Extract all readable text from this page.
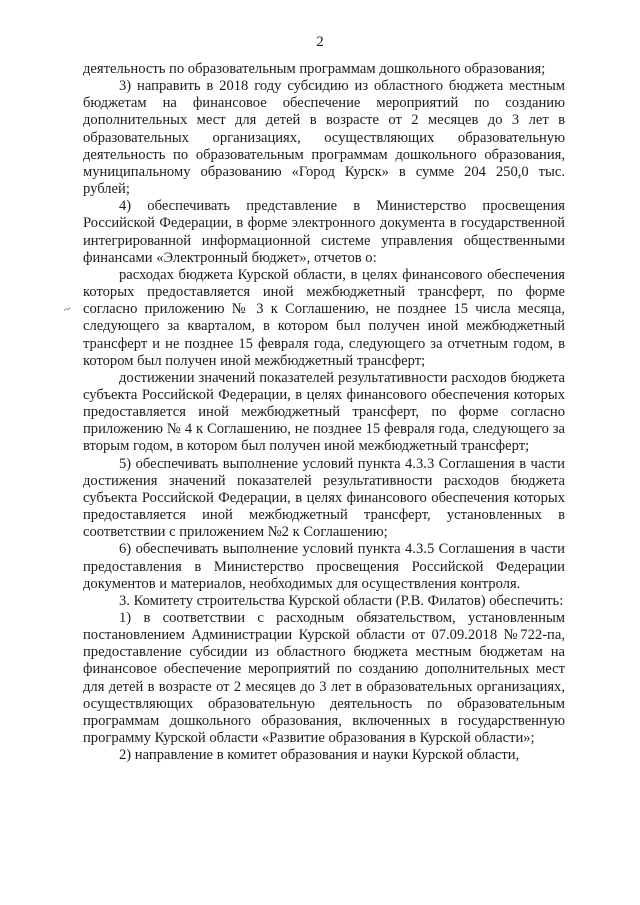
2
~

деятельность по образовательным программам дошкольного образования;

3) направить в 2018 году субсидию из областного бюджета местным бюджетам на финансовое обеспечение мероприятий по созданию дополнительных мест для детей в возрасте от 2 месяцев до 3 лет в образовательных организациях, осуществляющих образовательную деятельность по образовательным программам дошкольного образования, муниципальному образованию «Город Курск» в сумме 204 250,0 тыс. рублей;

4) обеспечивать представление в Министерство просвещения Российской Федерации, в форме электронного документа в государственной интегрированной информационной системе управления общественными финансами «Электронный бюджет», отчетов о:

расходах бюджета Курской области, в целях финансового обеспечения которых предоставляется иной межбюджетный трансферт, по форме согласно приложению № 3 к Соглашению, не позднее 15 числа месяца, следующего за кварталом, в котором был получен иной межбюджетный трансферт и не позднее 15 февраля года, следующего за отчетным годом, в котором был получен иной межбюджетный трансферт;

достижении значений показателей результативности расходов бюджета субъекта Российской Федерации, в целях финансового обеспечения которых предоставляется иной межбюджетный трансферт, по форме согласно приложению № 4 к Соглашению, не позднее 15 февраля года, следующего за вторым годом, в котором был получен иной межбюджетный трансферт;

5) обеспечивать выполнение условий пункта 4.3.3 Соглашения в части достижения значений показателей результативности расходов бюджета субъекта Российской Федерации, в целях финансового обеспечения которых предоставляется иной межбюджетный трансферт, установленных в соответствии с приложением №2 к Соглашению;

6) обеспечивать выполнение условий пункта 4.3.5 Соглашения в части предоставления в Министерство просвещения Российской Федерации документов и материалов, необходимых для осуществления контроля.

3. Комитету строительства Курской области (Р.В. Филатов) обеспечить:

1) в соответствии с расходным обязательством, установленным постановлением Администрации Курской области от 07.09.2018 №722-па, предоставление субсидии из областного бюджета местным бюджетам на финансовое обеспечение мероприятий по созданию дополнительных мест для детей в возрасте от 2 месяцев до 3 лет в образовательных организациях, осуществляющих образовательную деятельность по образовательным программам дошкольного образования, включенных в государственную программу Курской области «Развитие образования в Курской области»;

2) направление в комитет образования и науки Курской области,
